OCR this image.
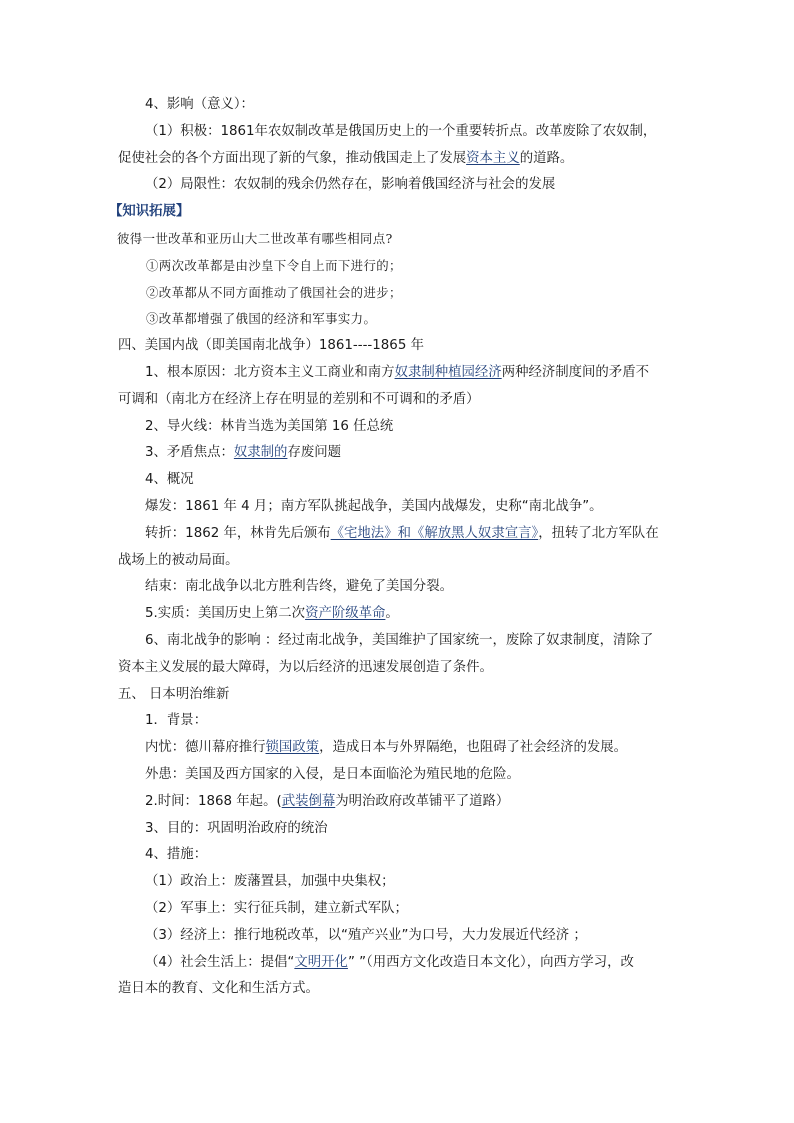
4、影响（意义）：
（1）积极：1861年农奴制改革是俄国历史上的一个重要转折点。改革废除了农奴制，
促使社会的各个方面出现了新的气象，推动俄国走上了发展资本主义的道路。
（2）局限性：农奴制的残余仍然存在，影响着俄国经济与社会的发展
【知识拓展】
彼得一世改革和亚历山大二世改革有哪些相同点?
①两次改革都是由沙皇下令自上而下进行的；
②改革都从不同方面推动了俄国社会的进步；
③改革都增强了俄国的经济和军事实力。
四、美国内战（即美国南北战争）1861----1865 年
1、根本原因：北方资本主义工商业和南方奴隶制种植园经济两种经济制度间的矛盾不
可调和（南北方在经济上存在明显的差别和不可调和的矛盾）
2、导火线：林肯当选为美国第 16 任总统
3、矛盾焦点：奴隶制的存废问题
4、概况
爆发：1861 年 4 月；南方军队挑起战争，美国内战爆发，史称“南北战争”。
转折：1862 年，林肯先后颁布《宅地法》和《解放黑人奴隶宣言》，扭转了北方军队在
战场上的被动局面。
结束：南北战争以北方胜利告终，避免了美国分裂。
5.实质：美国历史上第二次资产阶级革命。
6、南北战争的影响 ：经过南北战争，美国维护了国家统一，废除了奴隶制度，清除了
资本主义发展的最大障碍，为以后经济的迅速发展创造了条件。
五、 日本明治维新
1．背景：
内忧：德川幕府推行锁国政策，造成日本与外界隔绝，也阻碍了社会经济的发展。
外患：美国及西方国家的入侵，是日本面临沦为殖民地的危险。
2.时间：1868 年起。(武装倒幕为明治政府改革铺平了道路）
3、目的：巩固明治政府的统治
4、措施：
（1）政治上：废藩置县，加强中央集权；
（2）军事上：实行征兵制，建立新式军队；
（3）经济上：推行地税改革，以“殖产兴业”为口号，大力发展近代经济 ；
（4）社会生活上：提倡“文明开化” ”（用西方文化改造日本文化），向西方学习，改
造日本的教育、文化和生活方式。
